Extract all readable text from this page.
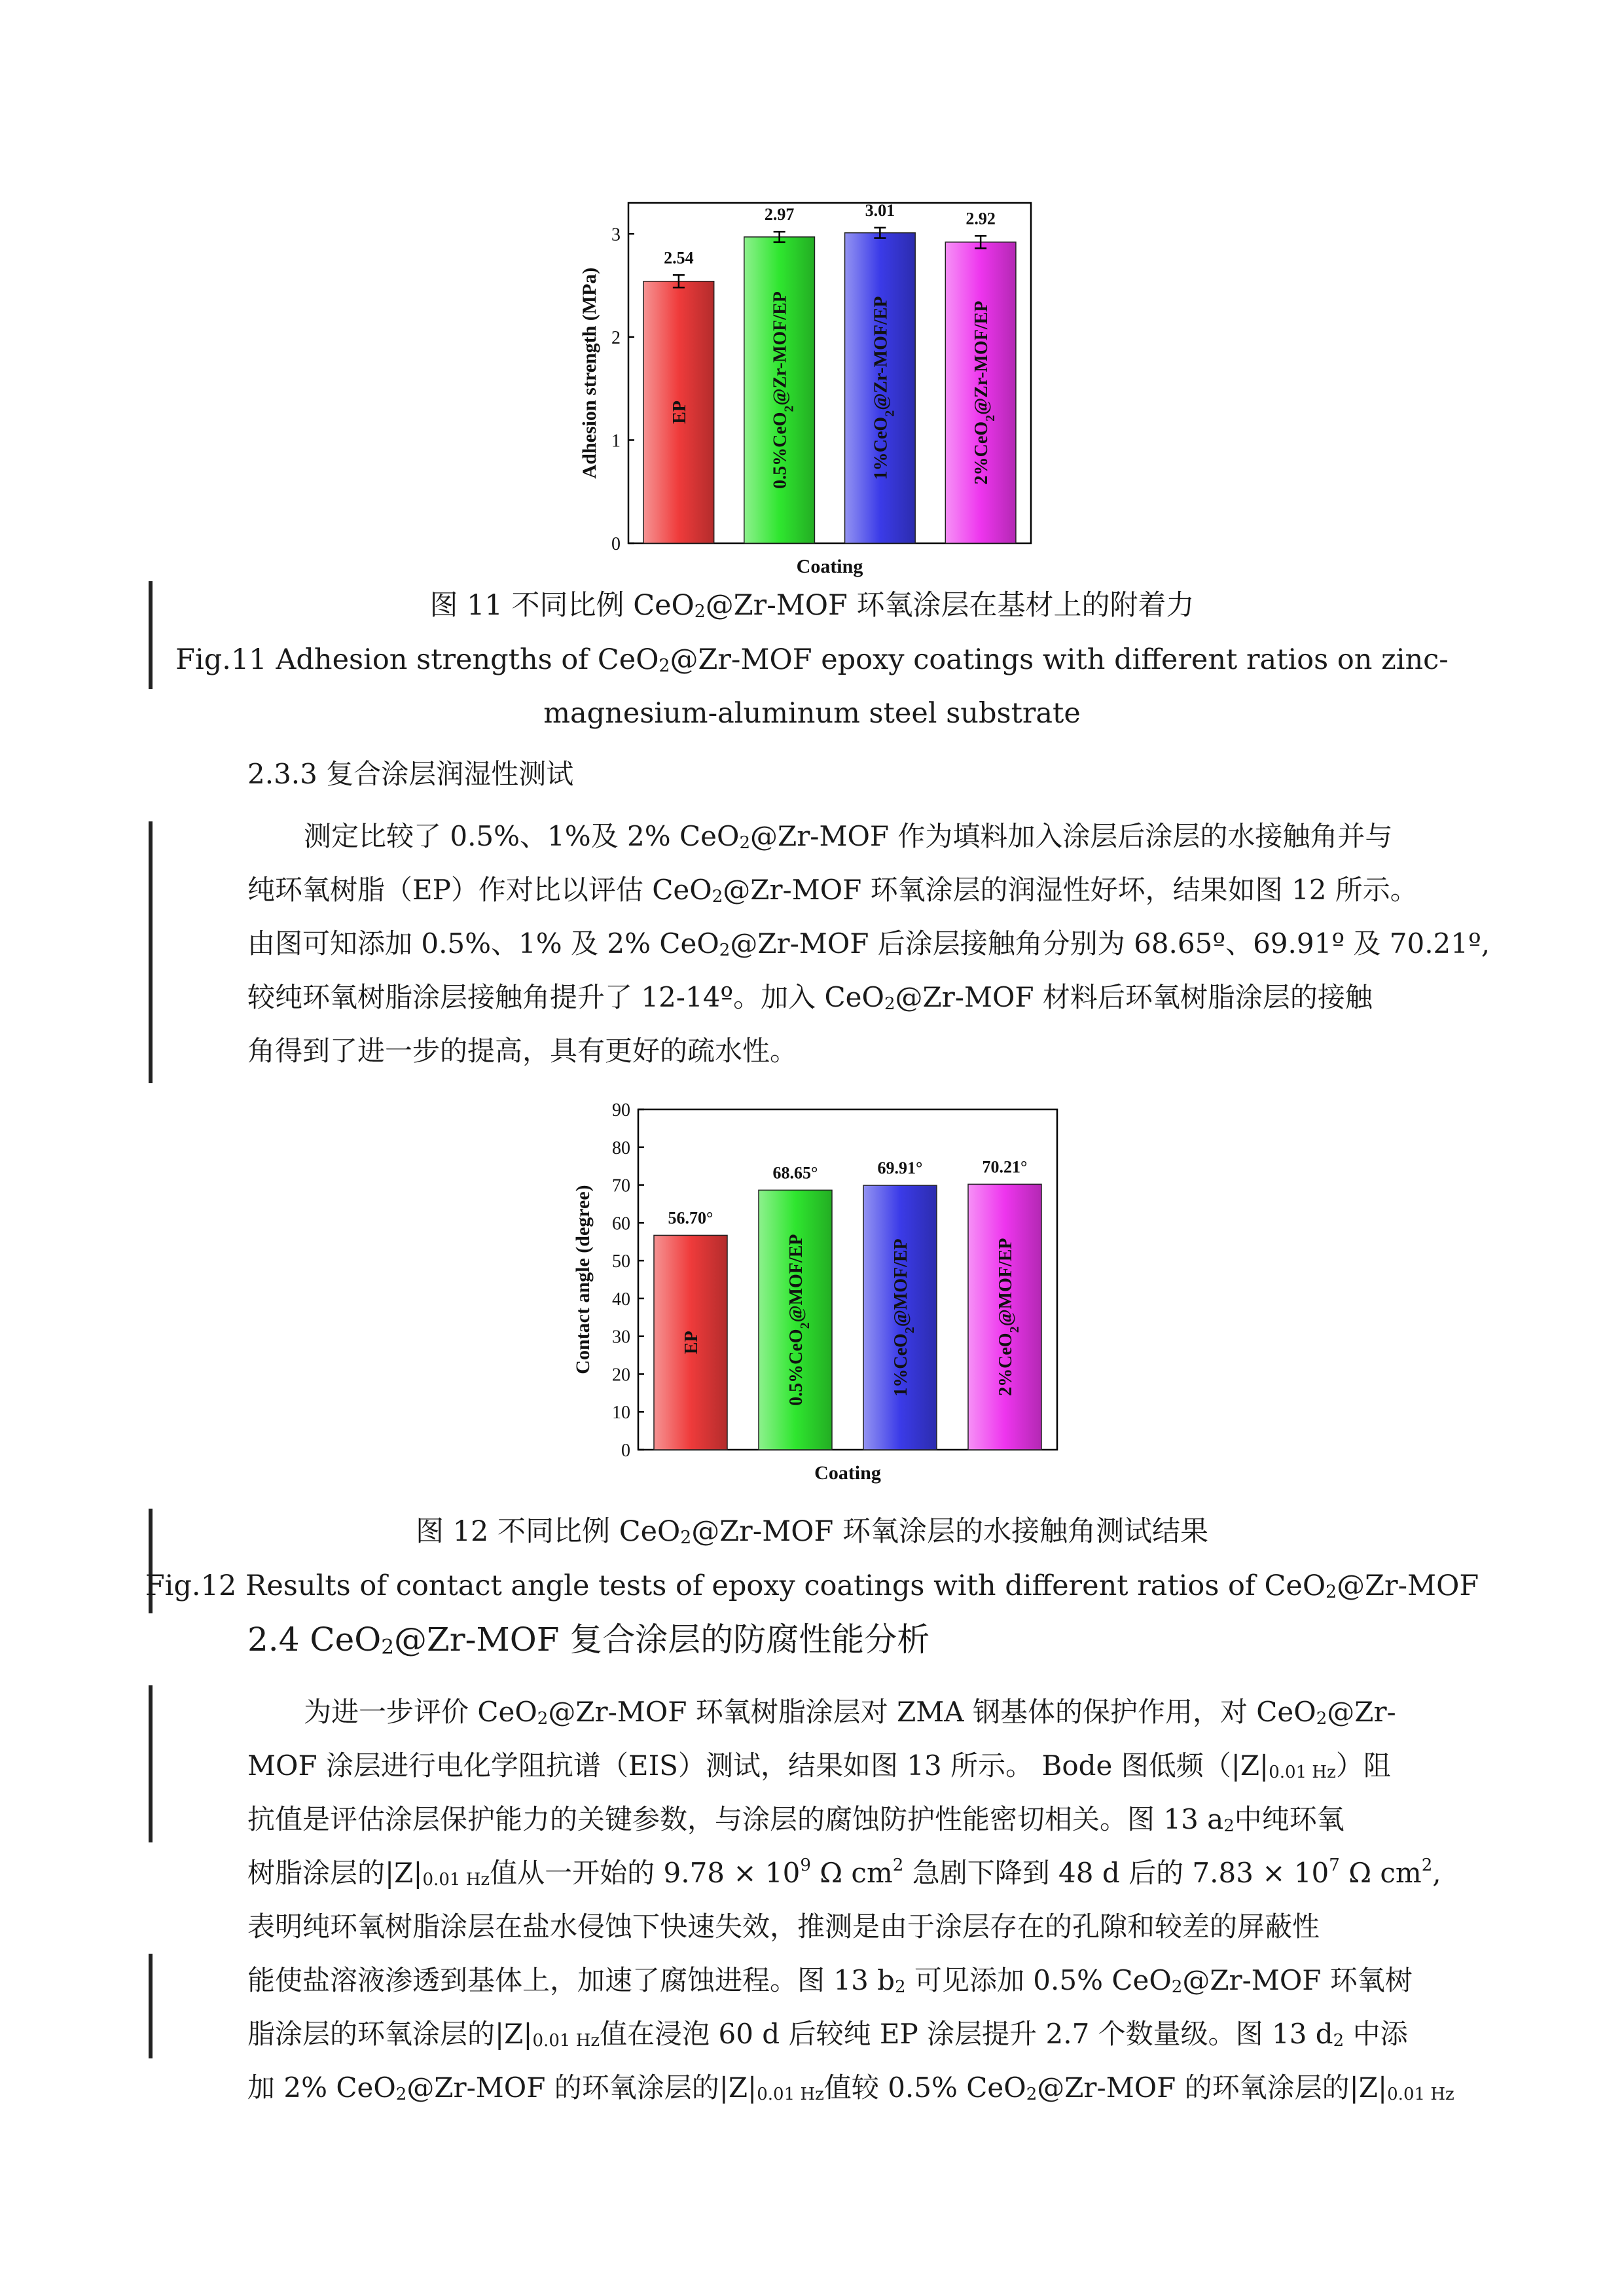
0
1
2
3
2.54
EP
2.97
0.5%CeO$_2$@Zr-MOF/EP
3.01
1%CeO$_2$@Zr-MOF/EP
2.92
2%CeO$_2$@Zr-MOF/EP
Coating
Adhesion strength (MPa)
图 11 不同比例 CeO$_2$@Zr-MOF 环氧涂层在基材上的附着力
Fig.11 Adhesion strengths of CeO$_2$@Zr-MOF epoxy coatings with different ratios on zinc-
magnesium-aluminum steel substrate
2.3.3 复合涂层润湿性测试

测定比较了 0.5%、1%及 2% CeO$_2$@Zr-MOF 作为填料加入涂层后涂层的水接触角并与

纯环氧树脂（EP）作对比以评估 CeO$_2$@Zr-MOF 环氧涂层的润湿性好坏，结果如图 12 所示。

由图可知添加 0.5%、1% 及 2% CeO$_2$@Zr-MOF 后涂层接触角分别为 68.65º、69.91º 及 70.21º,

较纯环氧树脂涂层接触角提升了 12-14º。加入 CeO$_2$@Zr-MOF 材料后环氧树脂涂层的接触

角得到了进一步的提高，具有更好的疏水性。

0
10
20
30
40
50
60
70
80
90
56.70°
EP
68.65°
0.5%CeO$_2$@MOF/EP
69.91°
1%CeO$_2$@MOF/EP
70.21°
2%CeO$_2$@MOF/EP
Coating
Contact angle (degree)
图 12 不同比例 CeO$_2$@Zr-MOF 环氧涂层的水接触角测试结果
Fig.12 Results of contact angle tests of epoxy coatings with different ratios of CeO$_2$@Zr-MOF
2.4 CeO$_2$@Zr-MOF 复合涂层的防腐性能分析

为进一步评价 CeO$_2$@Zr-MOF 环氧树脂涂层对 ZMA 钢基体的保护作用，对 CeO$_2$@Zr-

MOF 涂层进行电化学阻抗谱（EIS）测试，结果如图 13 所示。 Bode 图低频$(|Z|_{0.01 Hz})$阻

抗值是评估涂层保护能力的关键参数，与涂层的腐蚀防护性能密切相关。图 13 $a_2$中纯环氧

树脂涂层的$|Z|_{0.01 Hz}$值从一开始的 $9.78 \times 10^9$ Ω $cm^2$ 急剧下降到 48 d 后的 $7.83 \times 10^7$ Ω $cm^2$,

表明纯环氧树脂涂层在盐水侵蚀下快速失效，推测是由于涂层存在的孔隙和较差的屏蔽性

能使盐溶液渗透到基体上，加速了腐蚀进程。图 13 $b_2$ 可见添加 0.5% CeO$_2$@Zr-MOF 环氧树

脂涂层的环氧涂层的$|Z|_{0.01 Hz}$值在浸泡 60 d 后较纯 EP 涂层提升 2.7 个数量级。图 13 $d_2$ 中添

加 2% CeO$_2$@Zr-MOF 的环氧涂层的$|Z|_{0.01 Hz}$值较 0.5% CeO$_2$@Zr-MOF 的环氧涂层的$|Z|_{0.01 Hz}$
